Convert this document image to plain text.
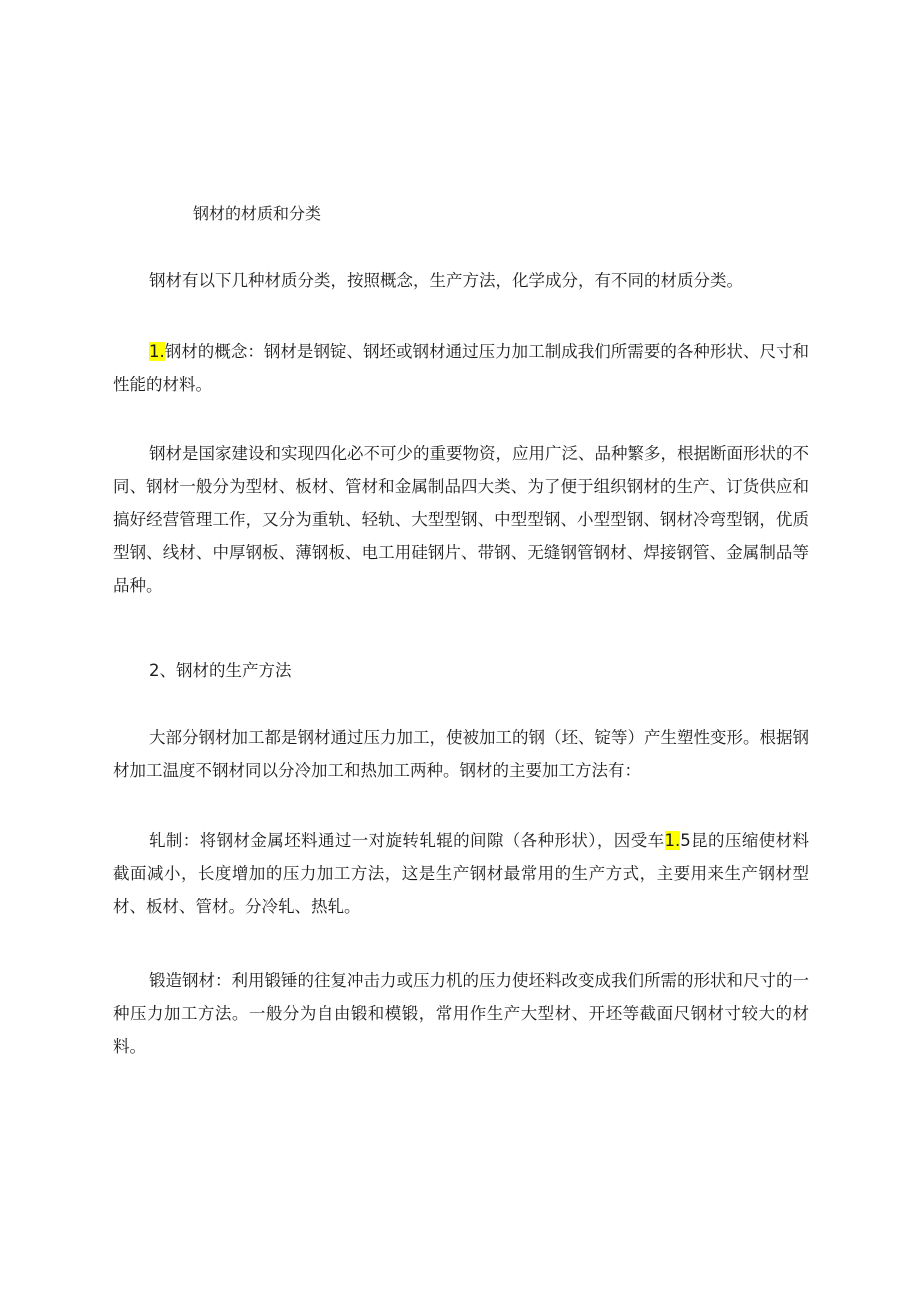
钢材的材质和分类

钢材有以下几种材质分类，按照概念，生产方法，化学成分，有不同的材质分类。

1.钢材的概念：钢材是钢锭、钢坯或钢材通过压力加工制成我们所需要的各种形状、尺寸和性能的材料。

钢材是国家建设和实现四化必不可少的重要物资，应用广泛、品种繁多，根据断面形状的不同、钢材一般分为型材、板材、管材和金属制品四大类、为了便于组织钢材的生产、订货供应和搞好经营管理工作，又分为重轨、轻轨、大型型钢、中型型钢、小型型钢、钢材冷弯型钢，优质型钢、线材、中厚钢板、薄钢板、电工用硅钢片、带钢、无缝钢管钢材、焊接钢管、金属制品等品种。

2、钢材的生产方法

大部分钢材加工都是钢材通过压力加工，使被加工的钢（坯、锭等）产生塑性变形。根据钢材加工温度不钢材同以分冷加工和热加工两种。钢材的主要加工方法有：

轧制：将钢材金属坯料通过一对旋转轧辊的间隙（各种形状），因受车1.5昆的压缩使材料截面减小，长度增加的压力加工方法，这是生产钢材最常用的生产方式，主要用来生产钢材型材、板材、管材。分冷轧、热轧。

锻造钢材：利用锻锤的往复冲击力或压力机的压力使坯料改变成我们所需的形状和尺寸的一种压力加工方法。一般分为自由锻和模锻，常用作生产大型材、开坯等截面尺钢材寸较大的材料。
